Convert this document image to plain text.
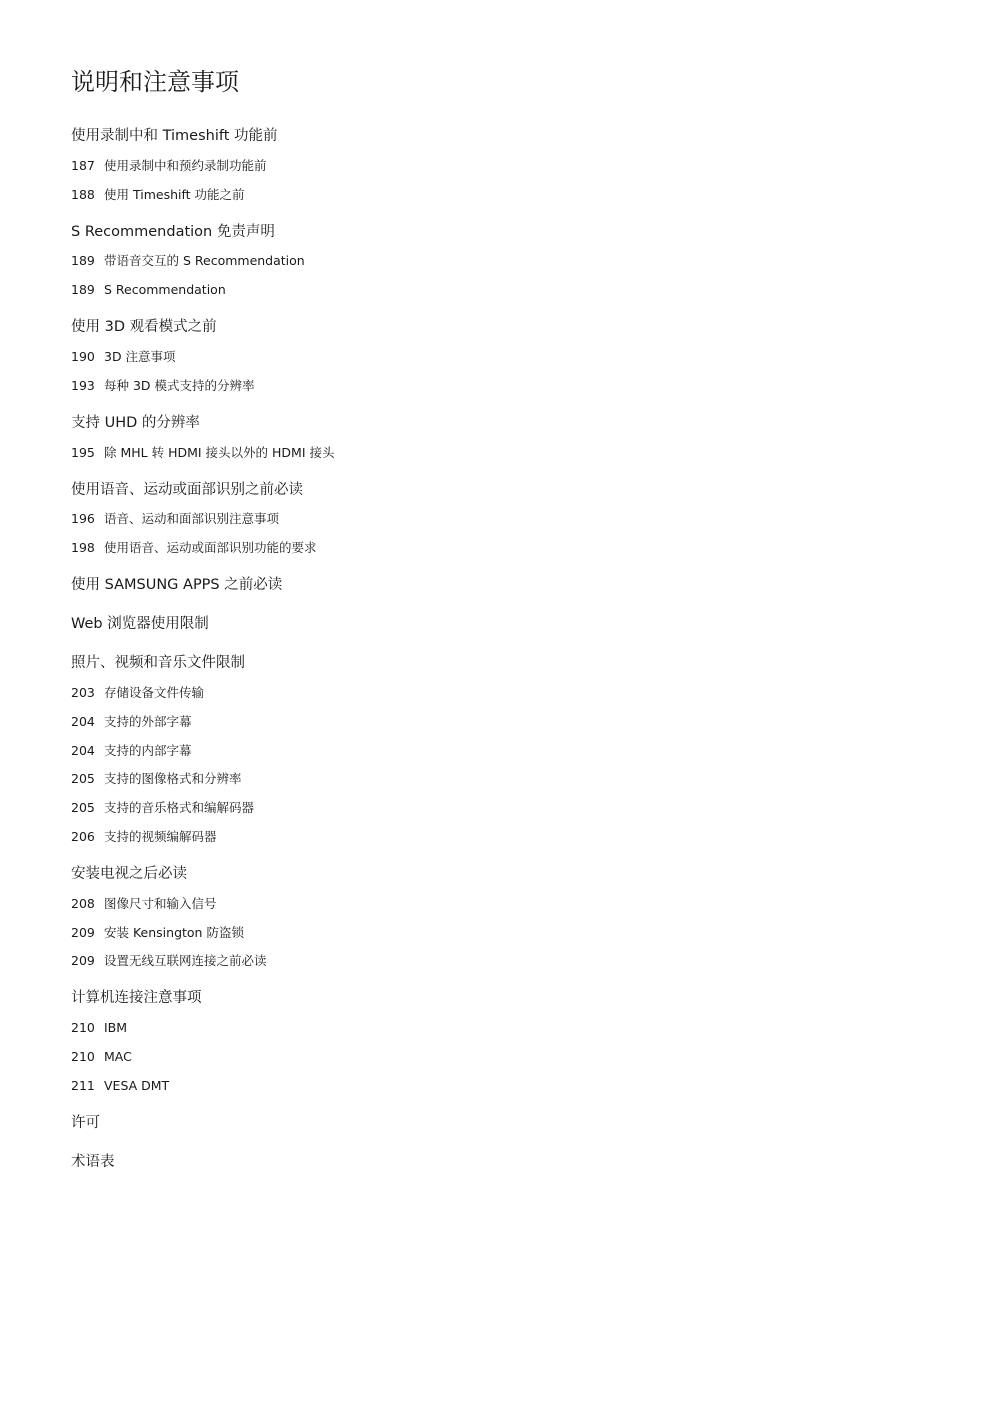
说明和注意事项
使用录制中和 Timeshift 功能前
187 使用录制中和预约录制功能前
188 使用 Timeshift 功能之前
S Recommendation 免责声明
189 带语音交互的 S Recommendation
189 S Recommendation
使用 3D 观看模式之前
190 3D 注意事项
193 每种 3D 模式支持的分辨率
支持 UHD 的分辨率
195 除 MHL 转 HDMI 接头以外的 HDMI 接头
使用语音、运动或面部识别之前必读
196 语音、运动和面部识别注意事项
198 使用语音、运动或面部识别功能的要求
使用 SAMSUNG APPS 之前必读
Web 浏览器使用限制
照片、视频和音乐文件限制
203 存储设备文件传输
204 支持的外部字幕
204 支持的内部字幕
205 支持的图像格式和分辨率
205 支持的音乐格式和编解码器
206 支持的视频编解码器
安装电视之后必读
208 图像尺寸和输入信号
209 安装 Kensington 防盗锁
209 设置无线互联网连接之前必读
计算机连接注意事项
210 IBM
210 MAC
211 VESA DMT
许可
术语表
